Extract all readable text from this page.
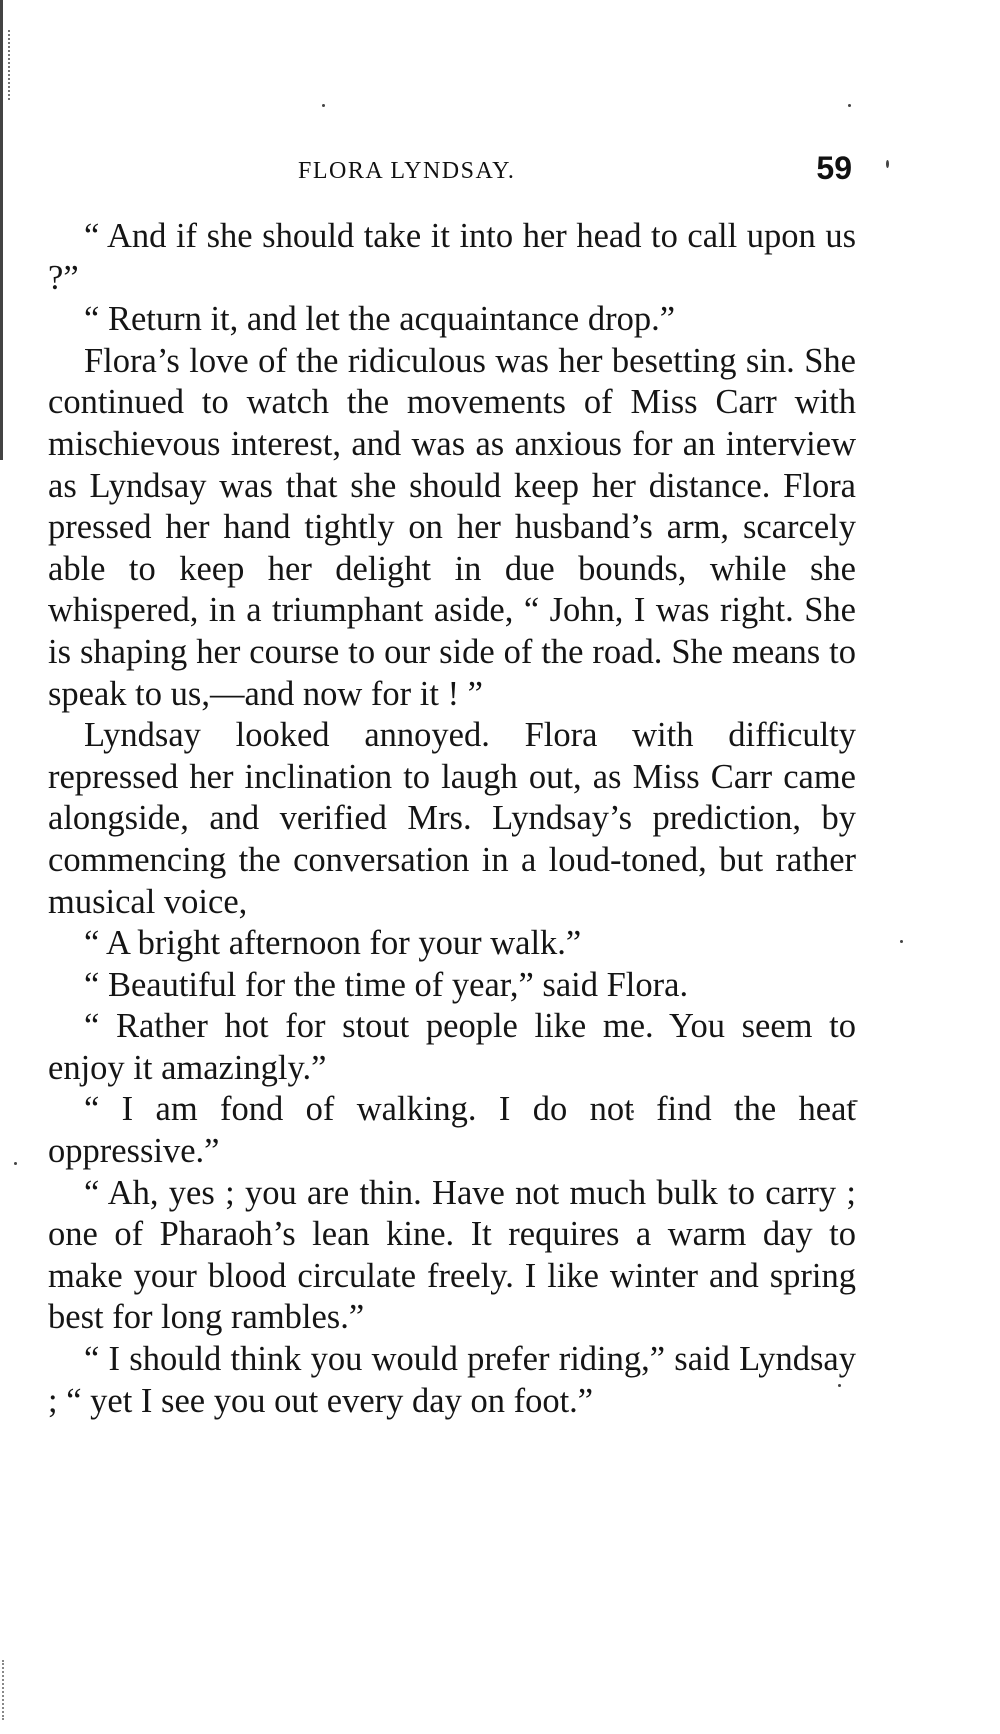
FLORA LYNDSAY.	59

“ And if she should take it into her head to call upon us ?”

“ Return it, and let the acquaintance drop.”

Flora’s love of the ridiculous was her besetting sin. She continued to watch the movements of Miss Carr with mischievous interest, and was as anxious for an interview as Lyndsay was that she should keep her distance. Flora pressed her hand tightly on her husband’s arm, scarcely able to keep her delight in due bounds, while she whispered, in a triumphant aside, “ John, I was right. She is shaping her course to our side of the road. She means to speak to us,—and now for it ! ”

Lyndsay looked annoyed. Flora with difficulty repressed her inclination to laugh out, as Miss Carr came alongside, and verified Mrs. Lyndsay’s prediction, by commencing the conversation in a loud-toned, but rather musical voice,

“ A bright afternoon for your walk.”

“ Beautiful for the time of year,” said Flora.

“ Rather hot for stout people like me. You seem to enjoy it amazingly.”

“ I am fond of walking. I do not find the heat oppressive.”

“ Ah, yes ; you are thin. Have not much bulk to carry ; one of Pharaoh’s lean kine. It requires a warm day to make your blood circulate freely. I like winter and spring best for long rambles.”

“ I should think you would prefer riding,” said Lyndsay ; “ yet I see you out every day on foot.”
